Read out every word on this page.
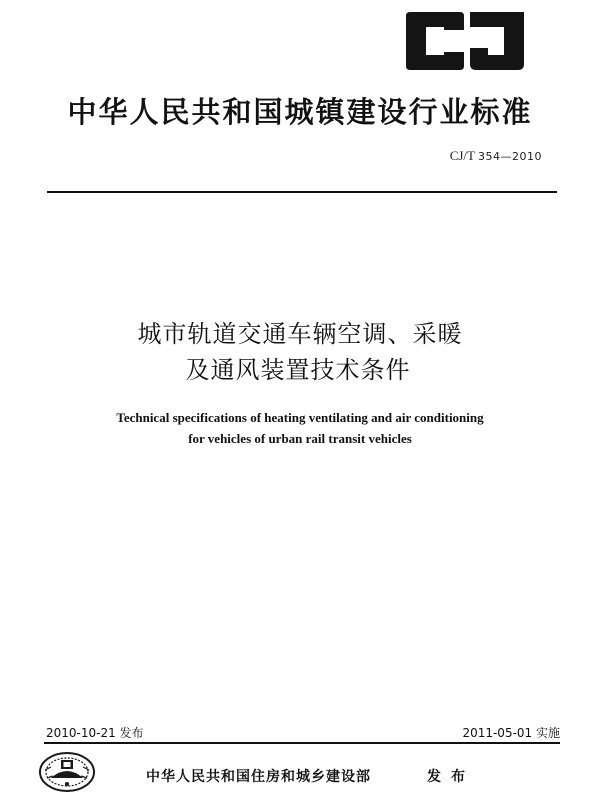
中华人民共和国城镇建设行业标准
CJ/T 354—2010
城市轨道交通车辆空调、采暖
及通风装置技术条件
Technical specifications of heating ventilating and air conditioning
for vehicles of urban rail transit vehicles
2010-10-21 发布	2011-05-01 实施
中华人民共和国住房和城乡建设部	发布
